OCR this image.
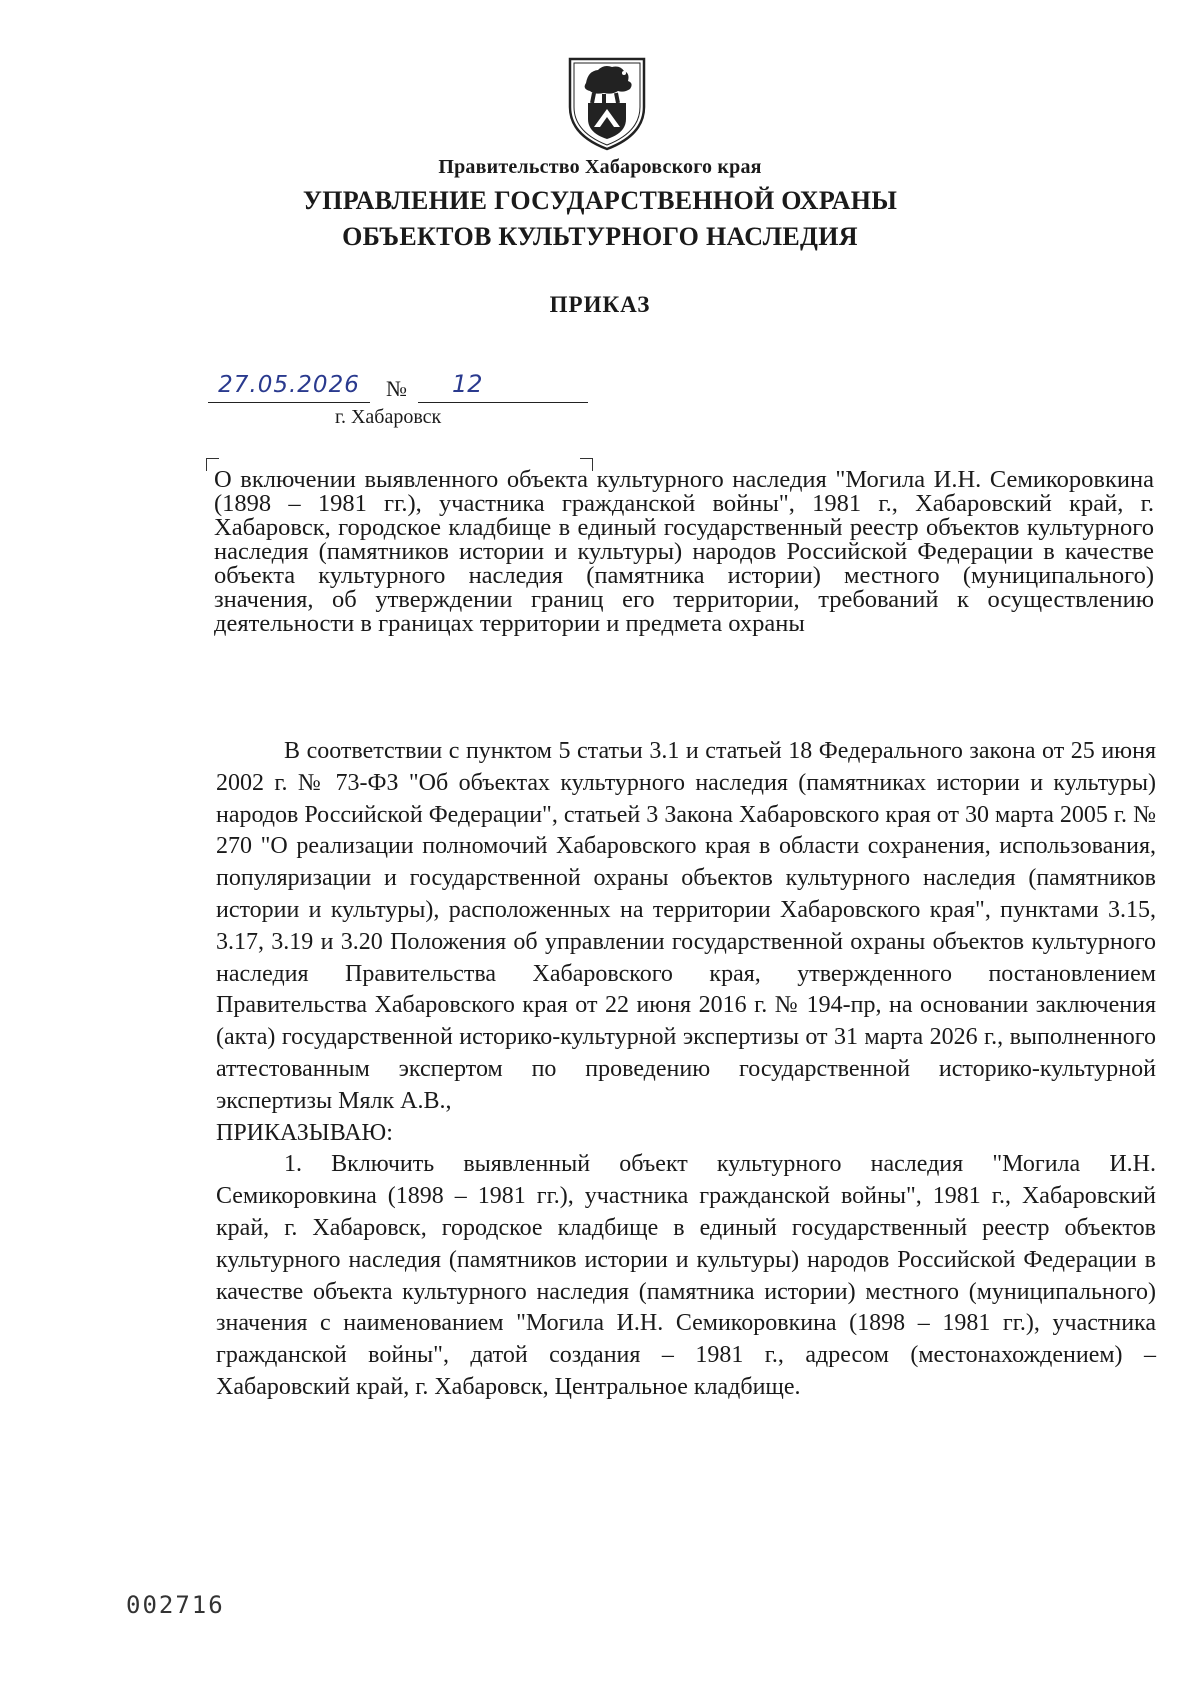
Правительство Хабаровского края
УПРАВЛЕНИЕ ГОСУДАРСТВЕННОЙ ОХРАНЫ
ОБЪЕКТОВ КУЛЬТУРНОГО НАСЛЕДИЯ
ПРИКАЗ
27.05.2026	№	12
г. Хабаровск
О включении выявленного объекта культурного наследия "Могила И.Н. Семикоровкина (1898 – 1981 гг.), участника гражданской войны", 1981 г., Хабаровский край, г. Хабаровск, городское кладбище в единый государственный реестр объектов культурного наследия (памятников истории и культуры) народов Российской Федерации в качестве объекта культурного наследия (памятника истории) местного (муниципального) значения, об утверждении границ его территории, требований к осуществлению деятельности в границах территории и предмета охраны

В соответствии с пунктом 5 статьи 3.1 и статьей 18 Федерального закона от 25 июня 2002 г. № 73-ФЗ "Об объектах культурного наследия (памятниках истории и культуры) народов Российской Федерации", статьей 3 Закона Хабаровского края от 30 марта 2005 г. № 270 "О реализации полномочий Хабаровского края в области сохранения, использования, популяризации и государственной охраны объектов культурного наследия (памятников истории и культуры), расположенных на территории Хабаровского края", пунктами 3.15, 3.17, 3.19 и 3.20 Положения об управлении государственной охраны объектов культурного наследия Правительства Хабаровского края, утвержденного постановлением Правительства Хабаровского края от 22 июня 2016 г. № 194-пр, на основании заключения (акта) государственной историко-культурной экспертизы от 31 марта 2026 г., выполненного аттестованным экспертом по проведению государственной историко-культурной экспертизы Мялк А.В.,

ПРИКАЗЫВАЮ:

1. Включить выявленный объект культурного наследия "Могила И.Н. Семикоровкина (1898 – 1981 гг.), участника гражданской войны", 1981 г., Хабаровский край, г. Хабаровск, городское кладбище в единый государственный реестр объектов культурного наследия (памятников истории и культуры) народов Российской Федерации в качестве объекта культурного наследия (памятника истории) местного (муниципального) значения с наименованием "Могила И.Н. Семикоровкина (1898 – 1981 гг.), участника гражданской войны", датой создания – 1981 г., адресом (местонахождением) – Хабаровский край, г. Хабаровск, Центральное кладбище.

002716
